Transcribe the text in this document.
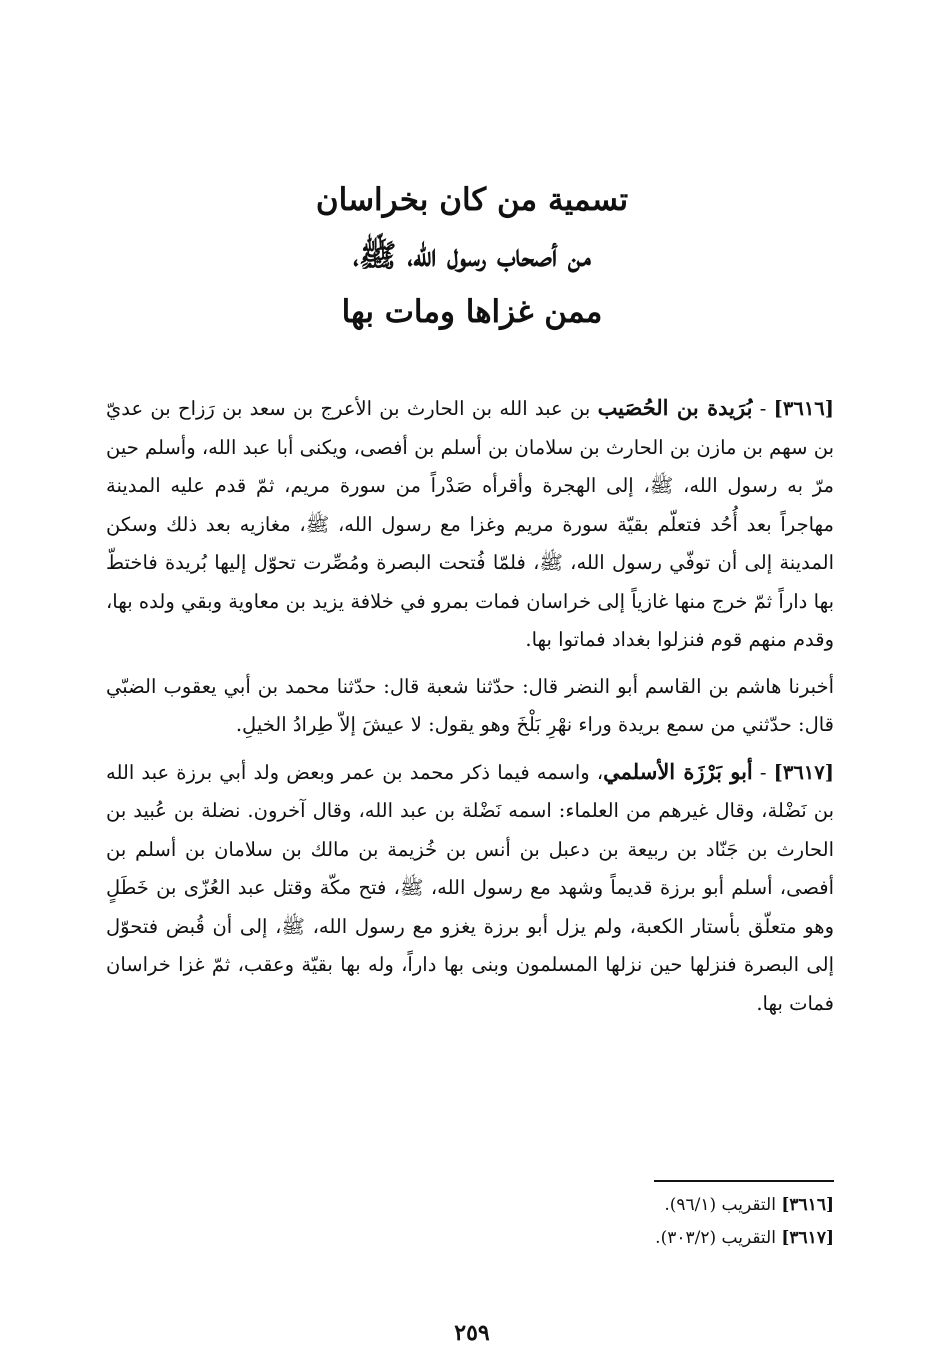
تسمية من كان بخراسان
من أصحاب رسول الله، ﷺ،
ممن غزاها ومات بها

[٣٦١٦] - بُرَيدة بن الحُصَيب بن عبد الله بن الحارث بن الأعرج بن سعد بن رَزاح بن عديّ بن سهم بن مازن بن الحارث بن سلامان بن أسلم بن أفصى، ويكنى أبا عبد الله، وأسلم حين مرّ به رسول الله، ﷺ، إلى الهجرة وأقرأه صَدْراً من سورة مريم، ثمّ قدم عليه المدينة مهاجراً بعد أُحُد فتعلّم بقيّة سورة مريم وغزا مع رسول الله، ﷺ، مغازيه بعد ذلك وسكن المدينة إلى أن توفّي رسول الله، ﷺ، فلمّا فُتحت البصرة ومُصِّرت تحوّل إليها بُريدة فاختطّ بها داراً ثمّ خرج منها غازياً إلى خراسان فمات بمرو في خلافة يزيد بن معاوية وبقي ولده بها، وقدم منهم قوم فنزلوا بغداد فماتوا بها.

أخبرنا هاشم بن القاسم أبو النضر قال: حدّثنا شعبة قال: حدّثنا محمد بن أبي يعقوب الضبّي قال: حدّثني من سمع بريدة وراء نهْرِ بَلْخَ وهو يقول: لا عيشَ إلاّ طِرادُ الخيلِ.

[٣٦١٧] - أبو بَرْزَة الأسلمي، واسمه فيما ذكر محمد بن عمر وبعض ولد أبي برزة عبد الله بن نَضْلة، وقال غيرهم من العلماء: اسمه نَضْلة بن عبد الله، وقال آخرون. نضلة بن عُبيد بن الحارث بن جَنّاد بن ربيعة بن دعبل بن أنس بن خُزيمة بن مالك بن سلامان بن أسلم بن أفصى، أسلم أبو برزة قديماً وشهد مع رسول الله، ﷺ، فتح مكّة وقتل عبد العُزّى بن خَطَلٍ وهو متعلّق بأستار الكعبة، ولم يزل أبو برزة يغزو مع رسول الله، ﷺ، إلى أن قُبض فتحوّل إلى البصرة فنزلها حين نزلها المسلمون وبنى بها داراً، وله بها بقيّة وعقب، ثمّ غزا خراسان فمات بها.

[٣٦١٦] التقريب (٩٦/١).
[٣٦١٧] التقريب (٣٠٣/٢).
٢٥٩
